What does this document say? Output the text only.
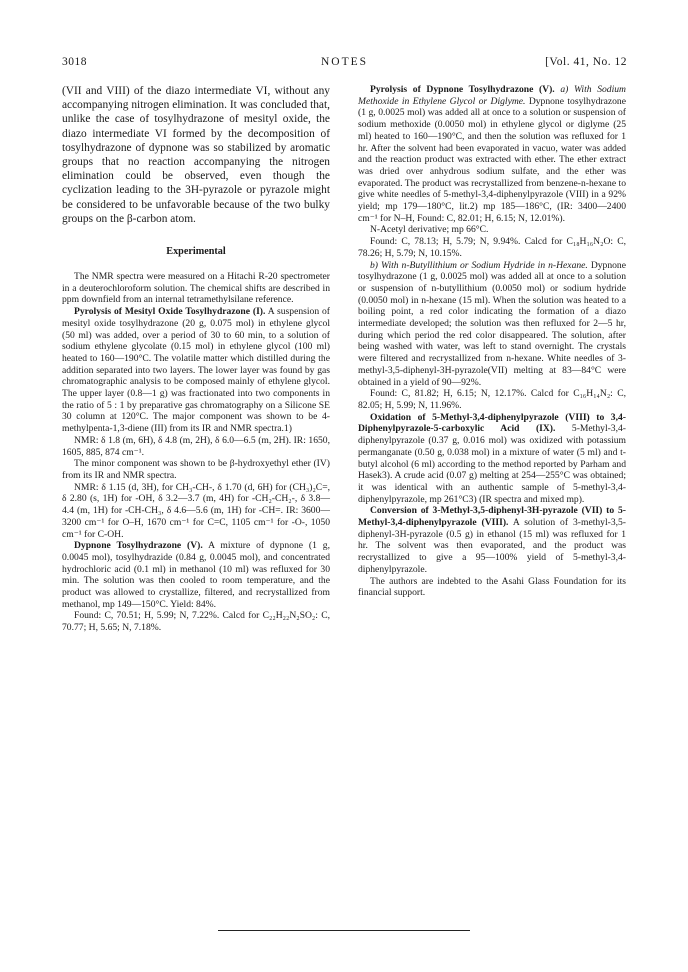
3018	NOTES	[Vol. 41, No. 12

(VII and VIII) of the diazo intermediate VI, without any accompanying nitrogen elimination. It was concluded that, unlike the case of tosylhydrazone of mesityl oxide, the diazo intermediate VI formed by the decomposition of tosylhydrazone of dypnone was so stabilized by aromatic groups that no reaction accompanying the nitrogen elimination could be observed, even though the cyclization leading to the 3H-pyrazole or pyrazole might be considered to be unfavorable because of the two bulky groups on the β-carbon atom.

Experimental

The NMR spectra were measured on a Hitachi R-20 spectrometer in a deuterochloroform solution. The chemical shifts are described in ppm downfield from an internal tetramethylsilane reference.

Pyrolysis of Mesityl Oxide Tosylhydrazone (I). A suspension of mesityl oxide tosylhydrazone (20 g, 0.075 mol) in ethylene glycol (50 ml) was added, over a period of 30 to 60 min, to a solution of sodium ethylene glycolate (0.15 mol) in ethylene glycol (100 ml) heated to 160—190°C. The volatile matter which distilled during the addition separated into two layers. The lower layer was found by gas chromatographic analysis to be composed mainly of ethylene glycol. The upper layer (0.8—1 g) was fractionated into two components in the ratio of 5 : 1 by preparative gas chromatography on a Silicone SE 30 column at 120°C. The major component was shown to be 4-methylpenta-1,3-diene (III) from its IR and NMR spectra.1)

NMR: δ 1.8 (m, 6H), δ 4.8 (m, 2H), δ 6.0—6.5 (m, 2H). IR: 1650, 1605, 885, 874 cm⁻¹.

The minor component was shown to be β-hydroxyethyl ether (IV) from its IR and NMR spectra.

NMR: δ 1.15 (d, 3H), for CH₃-CH-, δ 1.70 (d, 6H) for (CH₃)₂C=, δ 2.80 (s, 1H) for -OH, δ 3.2—3.7 (m, 4H) for -CH₂-CH₂-, δ 3.8—4.4 (m, 1H) for -CH-CH₃, δ 4.6—5.6 (m, 1H) for -CH=. IR: 3600—3200 cm⁻¹ for O–H, 1670 cm⁻¹ for C=C, 1105 cm⁻¹ for -O-, 1050 cm⁻¹ for C-OH.

Dypnone Tosylhydrazone (V). A mixture of dypnone (1 g, 0.0045 mol), tosylhydrazide (0.84 g, 0.0045 mol), and concentrated hydrochloric acid (0.1 ml) in methanol (10 ml) was refluxed for 30 min. The solution was then cooled to room temperature, and the product was allowed to crystallize, filtered, and recrystallized from methanol, mp 149—150°C. Yield: 84%.

Found: C, 70.51; H, 5.99; N, 7.22%. Calcd for C₂₂H₂₂N₂SO₂: C, 70.77; H, 5.65; N, 7.18%.

Pyrolysis of Dypnone Tosylhydrazone (V). a) With Sodium Methoxide in Ethylene Glycol or Diglyme. Dypnone tosylhydrazone (1 g, 0.0025 mol) was added all at once to a solution or suspension of sodium methoxide (0.0050 mol) in ethylene glycol or diglyme (25 ml) heated to 160—190°C, and then the solution was refluxed for 1 hr. After the solvent had been evaporated in vacuo, water was added and the reaction product was extracted with ether. The ether extract was dried over anhydrous sodium sulfate, and the ether was evaporated. The product was recrystallized from benzene-n-hexane to give white needles of 5-methyl-3,4-diphenylpyrazole (VIII) in a 92% yield; mp 179—180°C, lit.2) mp 185—186°C, (IR: 3400—2400 cm⁻¹ for N–H, Found: C, 82.01; H, 6.15; N, 12.01%).

N-Acetyl derivative; mp 66°C.

Found: C, 78.13; H, 5.79; N, 9.94%. Calcd for C₁₈H₁₆N₂O: C, 78.26; H, 5.79; N, 10.15%.

b) With n-Butyllithium or Sodium Hydride in n-Hexane. Dypnone tosylhydrazone (1 g, 0.0025 mol) was added all at once to a solution or suspension of n-butyllithium (0.0050 mol) or sodium hydride (0.0050 mol) in n-hexane (15 ml). When the solution was heated to a boiling point, a red color indicating the formation of a diazo intermediate developed; the solution was then refluxed for 2—5 hr, during which period the red color disappeared. The solution, after being washed with water, was left to stand overnight. The crystals were filtered and recrystallized from n-hexane. White needles of 3-methyl-3,5-diphenyl-3H-pyrazole(VII) melting at 83—84°C were obtained in a yield of 90—92%.

Found: C, 81.82; H, 6.15; N, 12.17%. Calcd for C₁₆H₁₄N₂: C, 82.05; H, 5.99; N, 11.96%.

Oxidation of 5-Methyl-3,4-diphenylpyrazole (VIII) to 3,4-Diphenylpyrazole-5-carboxylic Acid (IX). 5-Methyl-3,4-diphenylpyrazole (0.37 g, 0.016 mol) was oxidized with potassium permanganate (0.50 g, 0.038 mol) in a mixture of water (5 ml) and t-butyl alcohol (6 ml) according to the method reported by Parham and Hasek3). A crude acid (0.07 g) melting at 254—255°C was obtained; it was identical with an authentic sample of 5-methyl-3,4-diphenylpyrazole, mp 261°C3) (IR spectra and mixed mp).

Conversion of 3-Methyl-3,5-diphenyl-3H-pyrazole (VII) to 5-Methyl-3,4-diphenylpyrazole (VIII). A solution of 3-methyl-3,5-diphenyl-3H-pyrazole (0.5 g) in ethanol (15 ml) was refluxed for 1 hr. The solvent was then evaporated, and the product was recrystallized to give a 95—100% yield of 5-methyl-3,4-diphenylpyrazole.

The authors are indebted to the Asahi Glass Foundation for its financial support.
